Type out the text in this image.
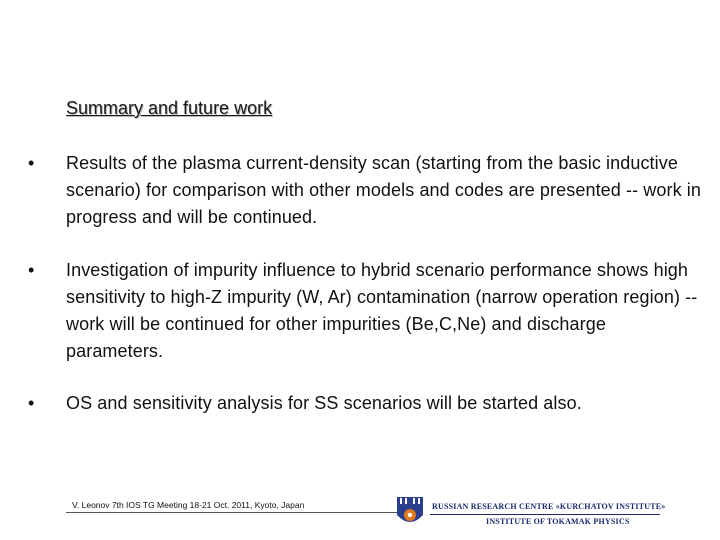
Summary and future work
• Results of the plasma current-density scan (starting from the basic inductive scenario) for comparison with other models and codes are presented -- work in progress and will be continued.
• Investigation of impurity influence to hybrid scenario performance shows high sensitivity to high-Z impurity (W, Ar) contamination (narrow operation region) -- work will be continued for other impurities (Be,C,Ne) and discharge parameters.
• OS and sensitivity analysis for SS scenarios will be started also.
V. Leonov 7th IOS TG Meeting 18-21 Oct. 2011, Kyoto, Japan	RUSSIAN RESEARCH CENTRE «KURCHATOV INSTITUTE»
INSTITUTE OF TOKAMAK PHYSICS
